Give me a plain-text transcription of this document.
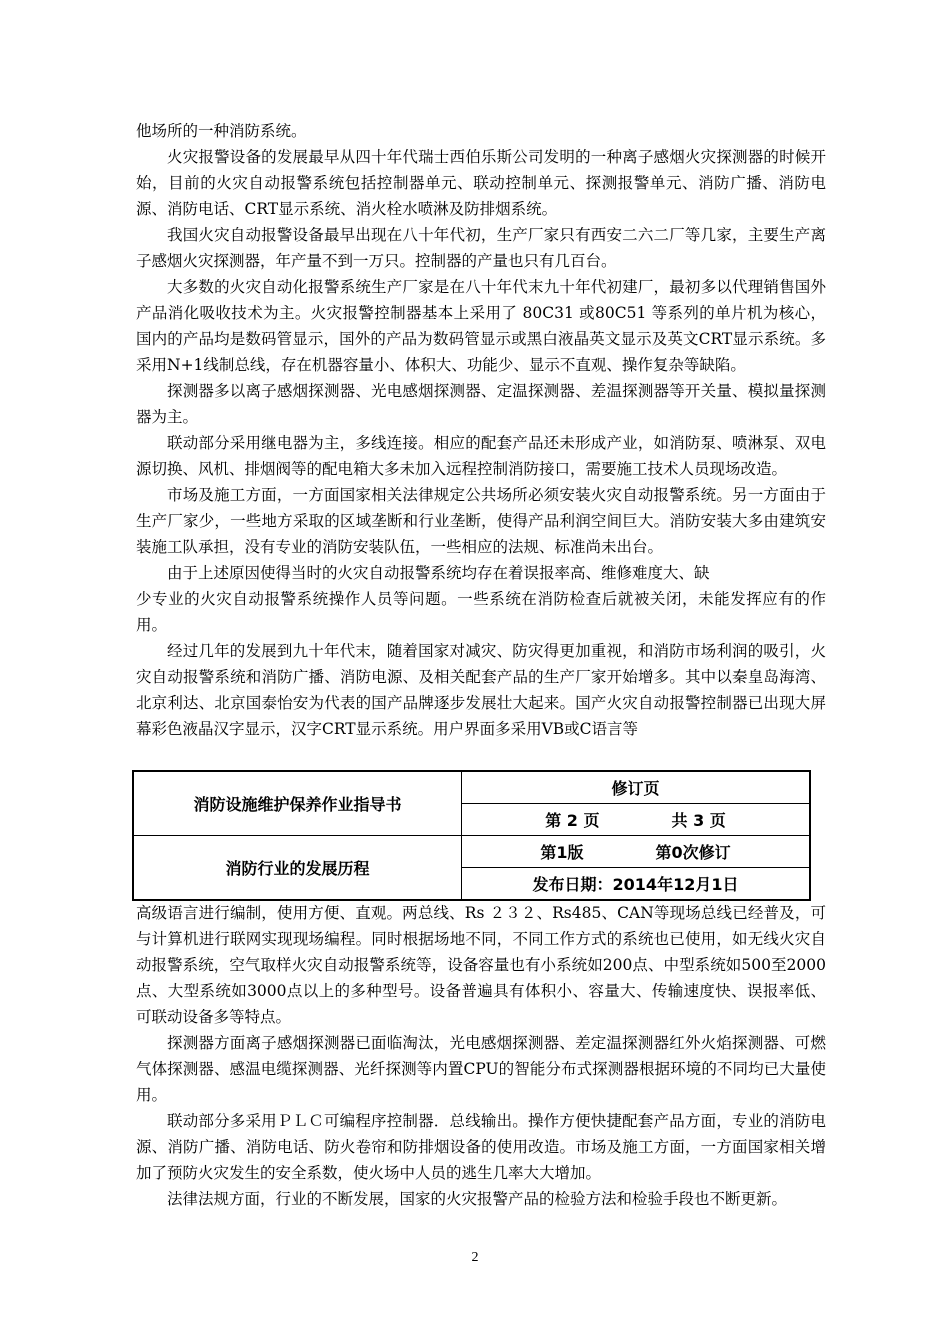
他场所的一种消防系统。

火灾报警设备的发展最早从四十年代瑞士西伯乐斯公司发明的一种离子感烟火灾探测器的时候开始，目前的火灾自动报警系统包括控制器单元、联动控制单元、探测报警单元、消防广播、消防电源、消防电话、CRT显示系统、消火栓水喷淋及防排烟系统。

我国火灾自动报警设备最早出现在八十年代初，生产厂家只有西安二六二厂等几家，主要生产离子感烟火灾探测器，年产量不到一万只。控制器的产量也只有几百台。

大多数的火灾自动化报警系统生产厂家是在八十年代末九十年代初建厂，最初多以代理销售国外产品消化吸收技术为主。火灾报警控制器基本上采用了 80C31 或80C51 等系列的单片机为核心，国内的产品均是数码管显示，国外的产品为数码管显示或黑白液晶英文显示及英文CRT显示系统。多采用N+1线制总线，存在机器容量小、体积大、功能少、显示不直观、操作复杂等缺陷。

探测器多以离子感烟探测器、光电感烟探测器、定温探测器、差温探测器等开关量、模拟量探测器为主。

联动部分采用继电器为主，多线连接。相应的配套产品还未形成产业，如消防泵、喷淋泵、双电源切换、风机、排烟阀等的配电箱大多未加入远程控制消防接口，需要施工技术人员现场改造。

市场及施工方面，一方面国家相关法律规定公共场所必须安装火灾自动报警系统。另一方面由于生产厂家少，一些地方采取的区域垄断和行业垄断，使得产品利润空间巨大。消防安装大多由建筑安装施工队承担，没有专业的消防安装队伍，一些相应的法规、标准尚未出台。

由于上述原因使得当时的火灾自动报警系统均存在着误报率高、维修难度大、缺

少专业的火灾自动报警系统操作人员等问题。一些系统在消防检查后就被关闭，未能发挥应有的作用。

经过几年的发展到九十年代末，随着国家对减灾、防灾得更加重视，和消防市场利润的吸引，火灾自动报警系统和消防广播、消防电源、及相关配套产品的生产厂家开始增多。其中以秦皇岛海湾、北京利达、北京国泰怡安为代表的国产品牌逐步发展壮大起来。国产火灾自动报警控制器已出现大屏幕彩色液晶汉字显示，汉字CRT显示系统。用户界面多采用VB或C语言等

消防设施维护保养作业指导书	修订页

	第 2 页 共 3 页

消防行业的发展历程	第1版 第0次修订

	发布日期：2014年12月1日

高级语言进行编制，使用方便、直观。两总线、Rs ２３２、Rs485、CAN等现场总线已经普及，可与计算机进行联网实现现场编程。同时根据场地不同，不同工作方式的系统也已使用，如无线火灾自动报警系统，空气取样火灾自动报警系统等，设备容量也有小系统如200点、中型系统如500至2000点、大型系统如3000点以上的多种型号。设备普遍具有体积小、容量大、传输速度快、误报率低、可联动设备多等特点。

探测器方面离子感烟探测器已面临淘汰，光电感烟探测器、差定温探测器红外火焰探测器、可燃气体探测器、感温电缆探测器、光纤探测等内置CPU的智能分布式探测器根据环境的不同均已大量使用。

联动部分多采用ＰＬＣ可编程序控制器．总线输出。操作方便快捷配套产品方面，专业的消防电源、消防广播、消防电话、防火卷帘和防排烟设备的使用改造。市场及施工方面，一方面国家相关增加了预防火灾发生的安全系数，使火场中人员的逃生几率大大增加。

法律法规方面，行业的不断发展，国家的火灾报警产品的检验方法和检验手段也不断更新。

2
